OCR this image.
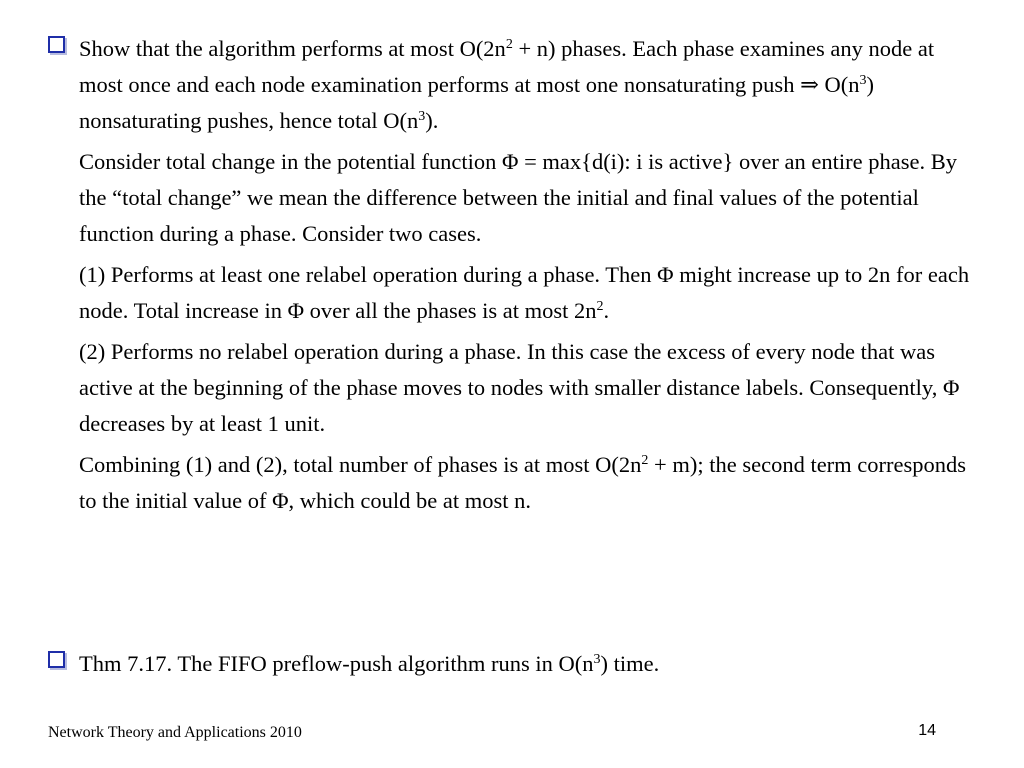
Show that the algorithm performs at most $O(2n^2 + n)$ phases. Each phase examines any node at most once and each node examination performs at most one nonsaturating push ⇒ $O(n^3)$ nonsaturating pushes, hence total $O(n^3)$.

Consider total change in the potential function Φ = max{d(i): i is active} over an entire phase. By the “total change” we mean the difference between the initial and final values of the potential function during a phase. Consider two cases.

(1) Performs at least one relabel operation during a phase. Then Φ might increase up to 2n for each node. Total increase in Φ over all the phases is at most $2n^2$.

(2) Performs no relabel operation during a phase. In this case the excess of every node that was active at the beginning of the phase moves to nodes with smaller distance labels. Consequently, Φ decreases by at least 1 unit.

Combining (1) and (2), total number of phases is at most $O(2n^2 + m)$; the second term corresponds to the initial value of Φ, which could be at most n.

Thm 7.17. The FIFO preflow-push algorithm runs in $O(n^3)$ time.

Network Theory and Applications 2010	14
